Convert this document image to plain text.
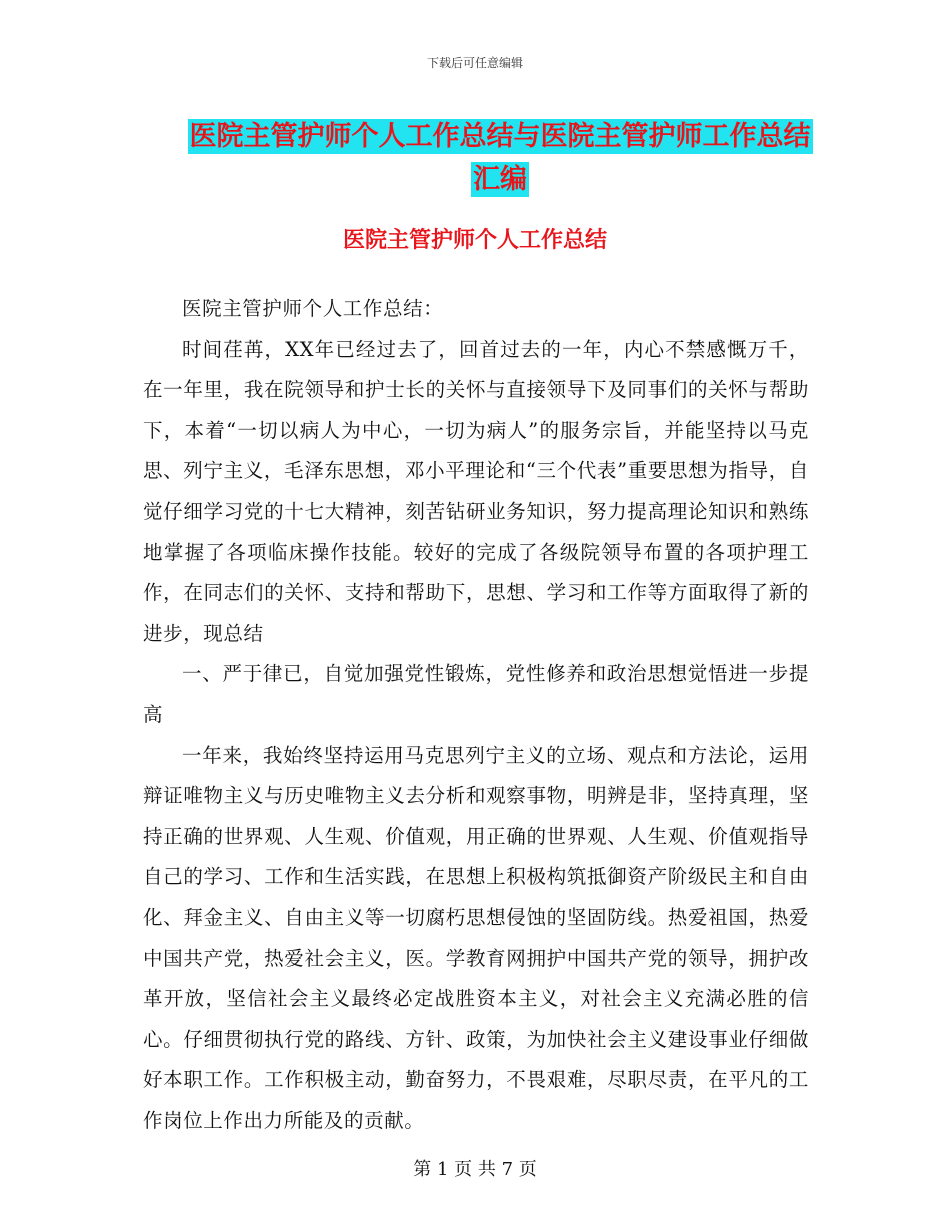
下载后可任意编辑
医院主管护师个人工作总结与医院主管护师工作总结
汇编
医院主管护师个人工作总结

医院主管护师个人工作总结：

时间荏苒，XX年已经过去了，回首过去的一年，内心不禁感慨万千，在一年里，我在院领导和护士长的关怀与直接领导下及同事们的关怀与帮助下，本着“一切以病人为中心，一切为病人”的服务宗旨，并能坚持以马克思、列宁主义，毛泽东思想，邓小平理论和“三个代表”重要思想为指导，自觉仔细学习党的十七大精神，刻苦钻研业务知识，努力提高理论知识和熟练地掌握了各项临床操作技能。较好的完成了各级院领导布置的各项护理工作，在同志们的关怀、支持和帮助下，思想、学习和工作等方面取得了新的进步，现总结

一、严于律已，自觉加强党性锻炼，党性修养和政治思想觉悟进一步提高

一年来，我始终坚持运用马克思列宁主义的立场、观点和方法论，运用辩证唯物主义与历史唯物主义去分析和观察事物，明辨是非，坚持真理，坚持正确的世界观、人生观、价值观，用正确的世界观、人生观、价值观指导自己的学习、工作和生活实践，在思想上积极构筑抵御资产阶级民主和自由化、拜金主义、自由主义等一切腐朽思想侵蚀的坚固防线。热爱祖国，热爱中国共产党，热爱社会主义，医。学教育网拥护中国共产党的领导，拥护改革开放，坚信社会主义最终必定战胜资本主义，对社会主义充满必胜的信心。仔细贯彻执行党的路线、方针、政策，为加快社会主义建设事业仔细做好本职工作。工作积极主动，勤奋努力，不畏艰难，尽职尽责，在平凡的工作岗位上作出力所能及的贡献。

第 1 页 共 7 页
